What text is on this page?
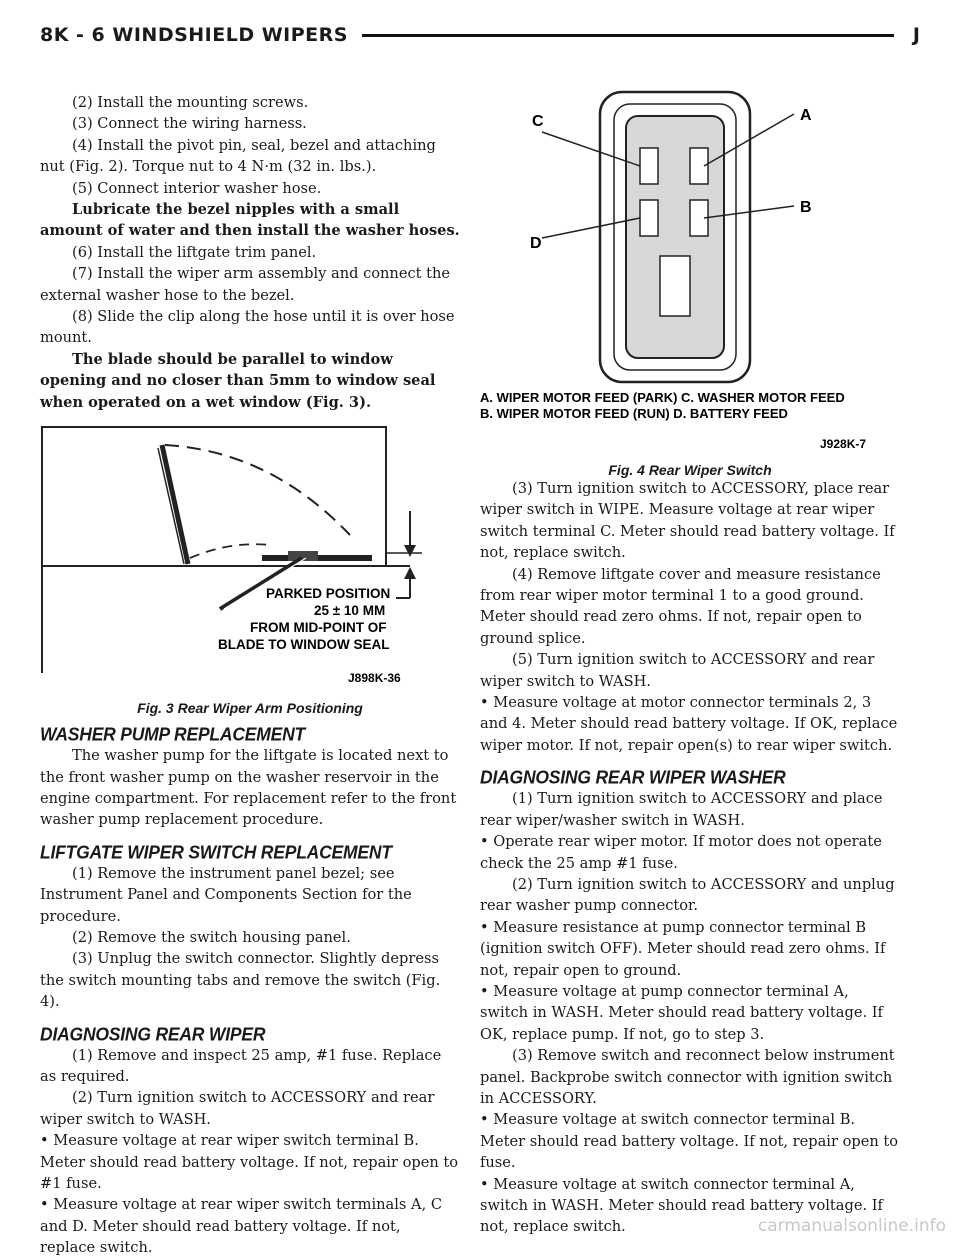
8K - 6 WINDSHIELD WIPERS	J

(2) Install the mounting screws.

(3) Connect the wiring harness.

(4) Install the pivot pin, seal, bezel and attaching nut (Fig. 2). Torque nut to 4 N·m (32 in. lbs.).

(5) Connect interior washer hose.

Lubricate the bezel nipples with a small amount of water and then install the washer hoses.

(6) Install the liftgate trim panel.

(7) Install the wiper arm assembly and connect the external washer hose to the bezel.

(8) Slide the clip along the hose until it is over hose mount.

The blade should be parallel to window opening and no closer than 5mm to window seal when operated on a wet window (Fig. 3).

PARKED POSITION
25 ± 10 MM
FROM MID-POINT OF
BLADE TO WINDOW SEAL
J898K-36
Fig. 3 Rear Wiper Arm Positioning
WASHER PUMP REPLACEMENT

The washer pump for the liftgate is located next to the front washer pump on the washer reservoir in the engine compartment. For replacement refer to the front washer pump replacement procedure.

LIFTGATE WIPER SWITCH REPLACEMENT

(1) Remove the instrument panel bezel; see Instrument Panel and Components Section for the procedure.

(2) Remove the switch housing panel.

(3) Unplug the switch connector. Slightly depress the switch mounting tabs and remove the switch (Fig. 4).

DIAGNOSING REAR WIPER

(1) Remove and inspect 25 amp, #1 fuse. Replace as required.

(2) Turn ignition switch to ACCESSORY and rear wiper switch to WASH.

• Measure voltage at rear wiper switch terminal B. Meter should read battery voltage. If not, repair open to #1 fuse.

• Measure voltage at rear wiper switch terminals A, C and D. Meter should read battery voltage. If not, replace switch.

C	A
D
B
A. WIPER MOTOR FEED (PARK) C. WASHER MOTOR FEED
B. WIPER MOTOR FEED (RUN) D. BATTERY FEED
J928K-7
Fig. 4 Rear Wiper Switch

(3) Turn ignition switch to ACCESSORY, place rear wiper switch in WIPE. Measure voltage at rear wiper switch terminal C. Meter should read battery voltage. If not, replace switch.

(4) Remove liftgate cover and measure resistance from rear wiper motor terminal 1 to a good ground. Meter should read zero ohms. If not, repair open to ground splice.

(5) Turn ignition switch to ACCESSORY and rear wiper switch to WASH.

• Measure voltage at motor connector terminals 2, 3 and 4. Meter should read battery voltage. If OK, replace wiper motor. If not, repair open(s) to rear wiper switch.

DIAGNOSING REAR WIPER WASHER

(1) Turn ignition switch to ACCESSORY and place rear wiper/washer switch in WASH.

• Operate rear wiper motor. If motor does not operate check the 25 amp #1 fuse.

(2) Turn ignition switch to ACCESSORY and unplug rear washer pump connector.

• Measure resistance at pump connector terminal B (ignition switch OFF). Meter should read zero ohms. If not, repair open to ground.

• Measure voltage at pump connector terminal A, switch in WASH. Meter should read battery voltage. If OK, replace pump. If not, go to step 3.

(3) Remove switch and reconnect below instrument panel. Backprobe switch connector with ignition switch in ACCESSORY.

• Measure voltage at switch connector terminal B. Meter should read battery voltage. If not, repair open to fuse.

• Measure voltage at switch connector terminal A, switch in WASH. Meter should read battery voltage. If not, replace switch.	carmanualsonline.info
